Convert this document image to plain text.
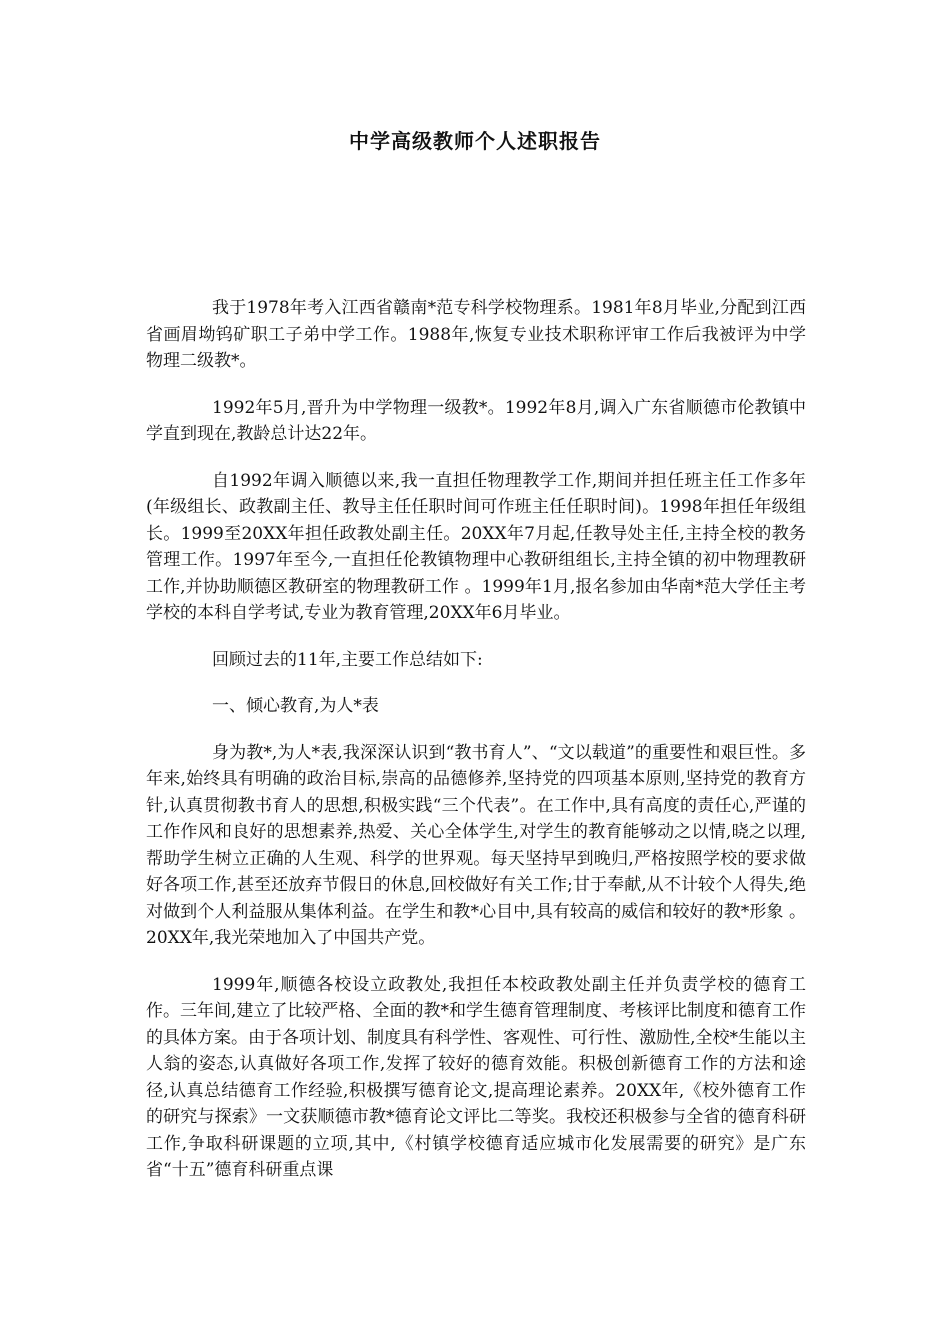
中学高级教师个人述职报告

我于1978年考入江西省赣南*范专科学校物理系。1981年8月毕业,分配到江西省画眉坳钨矿职工子弟中学工作。1988年,恢复专业技术职称评审工作后我被评为中学物理二级教*。

1992年5月,晋升为中学物理一级教*。1992年8月,调入广东省顺德市伦教镇中学直到现在,教龄总计达22年。

自1992年调入顺德以来,我一直担任物理教学工作,期间并担任班主任工作多年(年级组长、政教副主任、教导主任任职时间可作班主任任职时间)。1998年担任年级组长。1999至20XX年担任政教处副主任。20XX年7月起,任教导处主任,主持全校的教务管理工作。1997年至今,一直担任伦教镇物理中心教研组组长,主持全镇的初中物理教研工作,并协助顺德区教研室的物理教研工作 。1999年1月,报名参加由华南*范大学任主考学校的本科自学考试,专业为教育管理,20XX年6月毕业。

回顾过去的11年,主要工作总结如下:

一、倾心教育,为人*表

身为教*,为人*表,我深深认识到“教书育人”、“文以载道”的重要性和艰巨性。多年来,始终具有明确的政治目标,崇高的品德修养,坚持党的四项基本原则,坚持党的教育方针,认真贯彻教书育人的思想,积极实践“三个代表”。在工作中,具有高度的责任心,严谨的工作作风和良好的思想素养,热爱、关心全体学生,对学生的教育能够动之以情,晓之以理,帮助学生树立正确的人生观、科学的世界观。每天坚持早到晚归,严格按照学校的要求做好各项工作,甚至还放弃节假日的休息,回校做好有关工作;甘于奉献,从不计较个人得失,绝对做到个人利益服从集体利益。在学生和教*心目中,具有较高的威信和较好的教*形象 。20XX年,我光荣地加入了中国共产党。

1999年,顺德各校设立政教处,我担任本校政教处副主任并负责学校的德育工作。三年间,建立了比较严格、全面的教*和学生德育管理制度、考核评比制度和德育工作的具体方案。由于各项计划、制度具有科学性、客观性、可行性、激励性,全校*生能以主人翁的姿态,认真做好各项工作,发挥了较好的德育效能。积极创新德育工作的方法和途径,认真总结德育工作经验,积极撰写德育论文,提高理论素养。20XX年,《校外德育工作的研究与探索》一文获顺德市教*德育论文评比二等奖。我校还积极参与全省的德育科研工作,争取科研课题的立项,其中,《村镇学校德育适应城市化发展需要的研究》是广东省“十五”德育科研重点课
